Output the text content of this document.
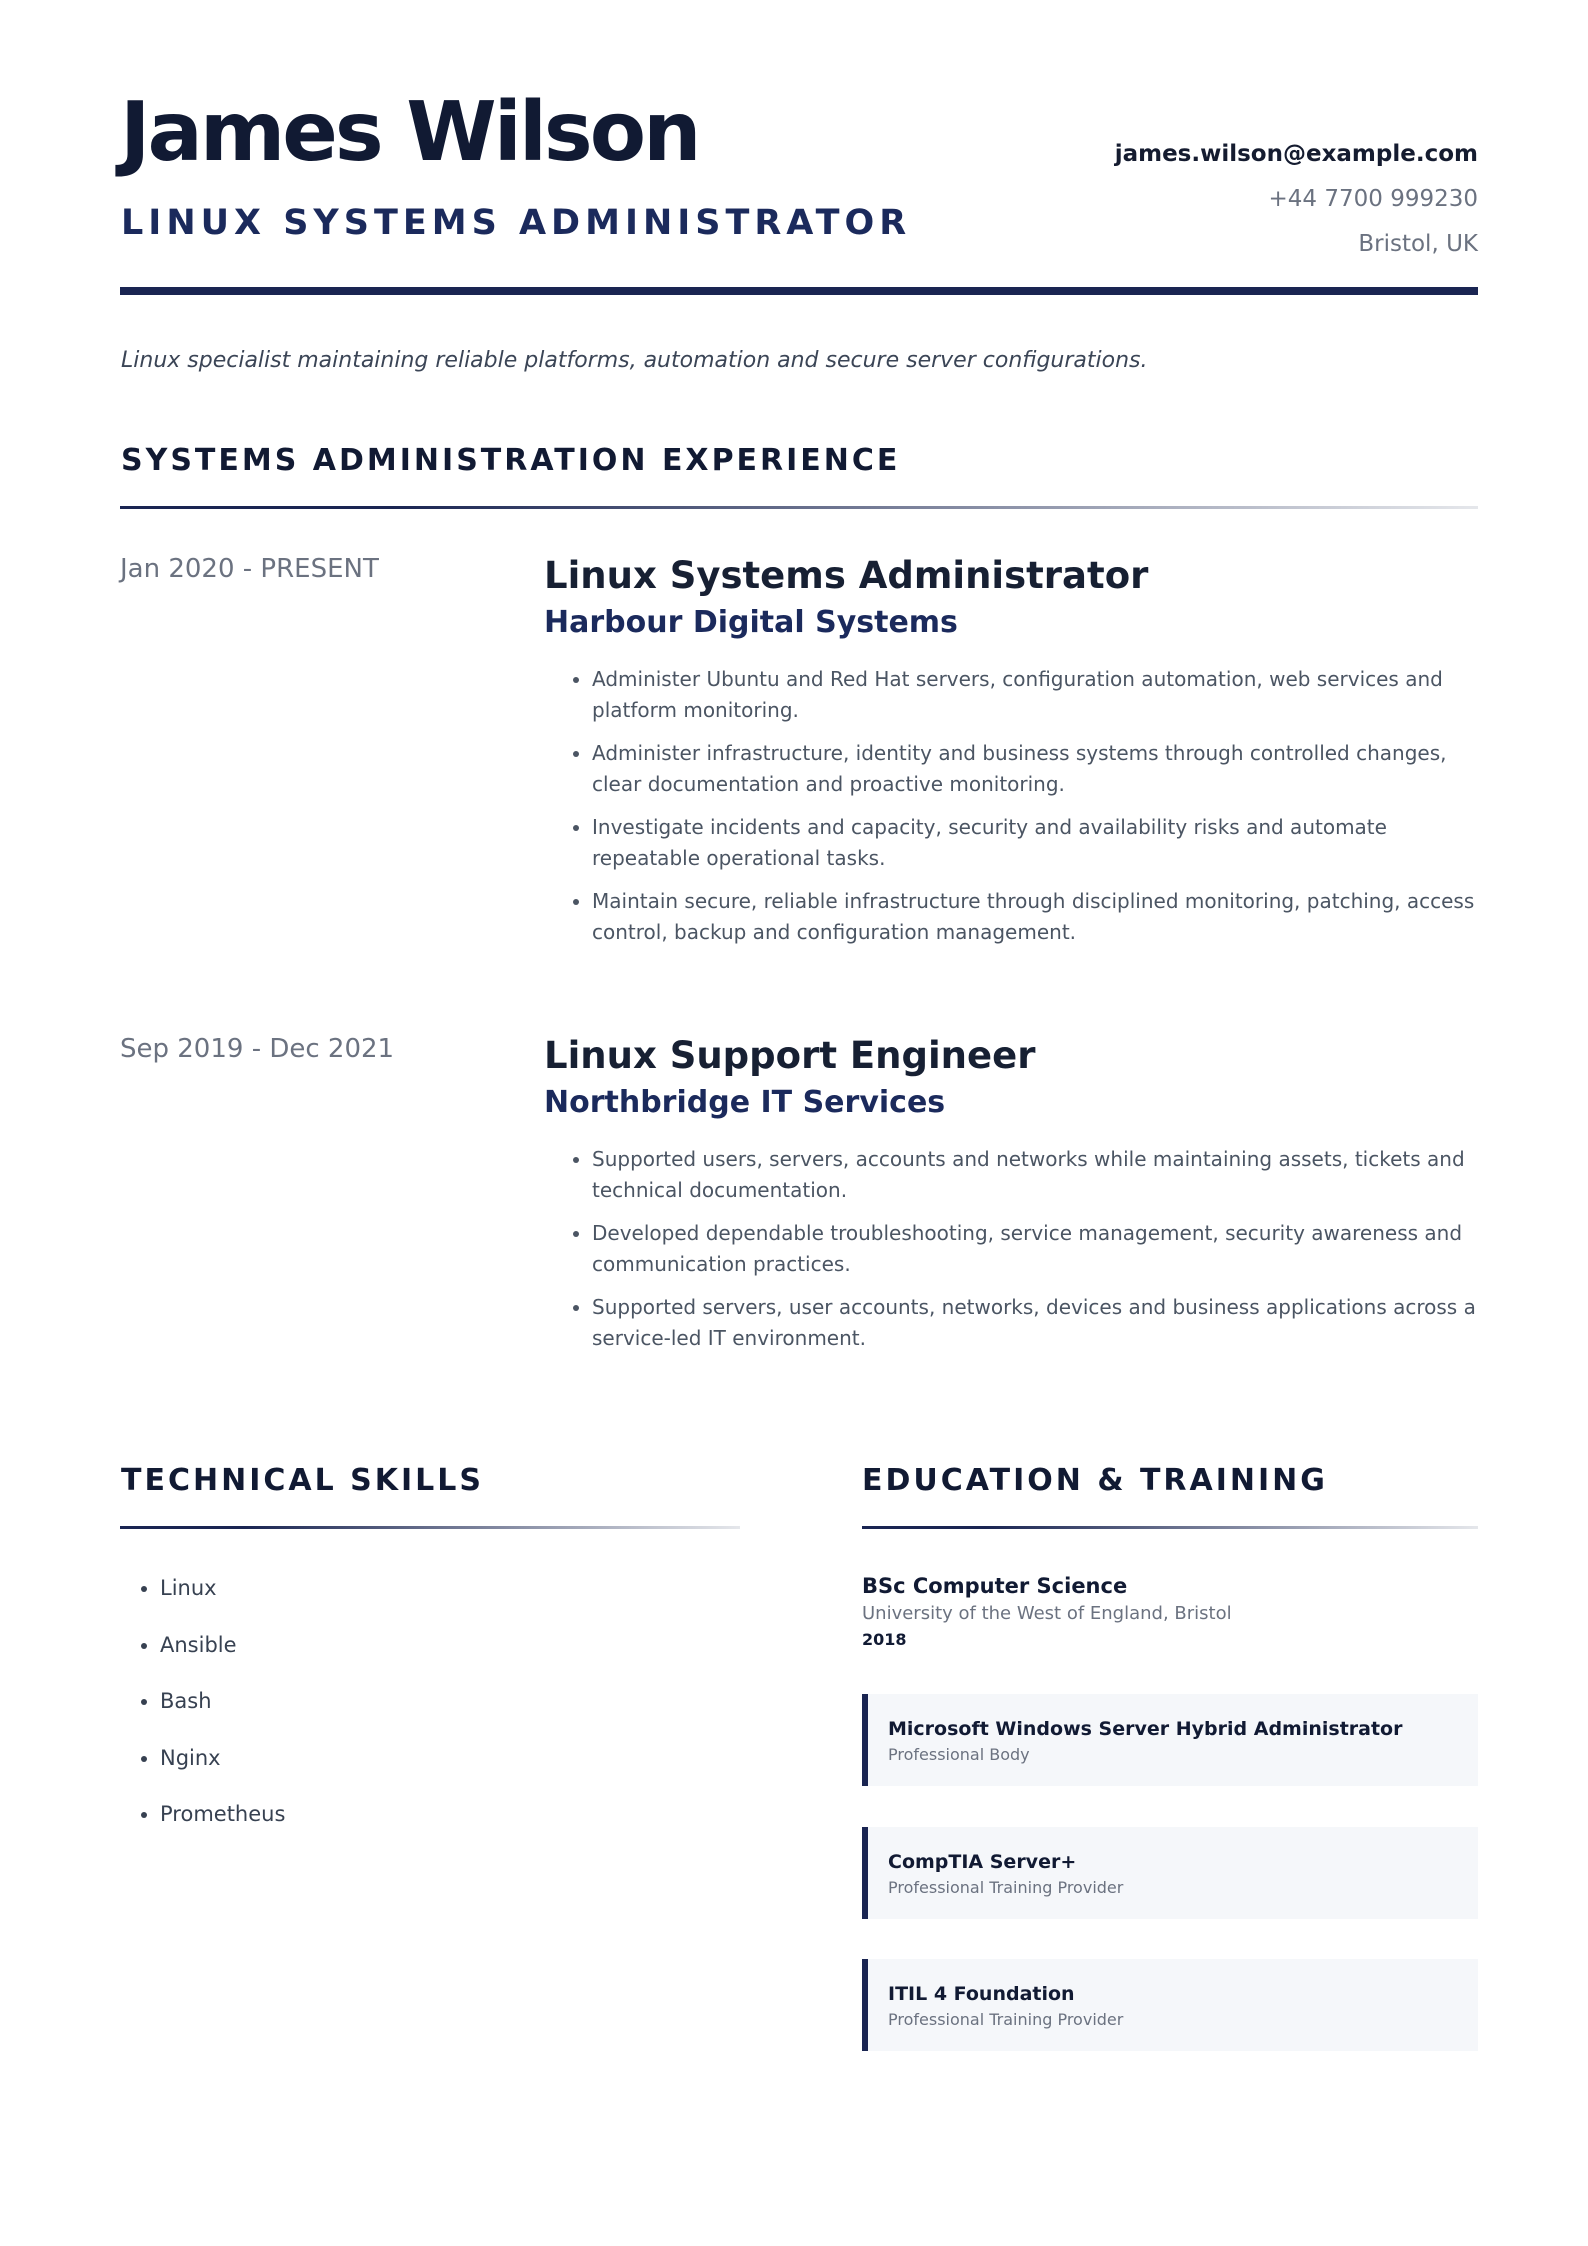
James Wilson
LINUX SYSTEMS ADMINISTRATOR
james.wilson@example.com
+44 7700 999230
Bristol, UK

Linux specialist maintaining reliable platforms, automation and secure server configurations.

SYSTEMS ADMINISTRATION EXPERIENCE
Jan 2020 - PRESENT	Linux Systems Administrator
Harbour Digital Systems
• Administer Ubuntu and Red Hat servers, configuration automation, web services and platform monitoring.
• Administer infrastructure, identity and business systems through controlled changes, clear documentation and proactive monitoring.
• Investigate incidents and capacity, security and availability risks and automate repeatable operational tasks.
• Maintain secure, reliable infrastructure through disciplined monitoring, patching, access control, backup and configuration management.
Sep 2019 - Dec 2021	Linux Support Engineer
Northbridge IT Services
• Supported users, servers, accounts and networks while maintaining assets, tickets and technical documentation.
• Developed dependable troubleshooting, service management, security awareness and communication practices.
• Supported servers, user accounts, networks, devices and business applications across a service-led IT environment.
TECHNICAL SKILLS
• Linux
• Ansible
• Bash
• Nginx
• Prometheus
EDUCATION & TRAINING
BSc Computer Science
University of the West of England, Bristol
2018
Microsoft Windows Server Hybrid Administrator
Professional Body
CompTIA Server+
Professional Training Provider
ITIL 4 Foundation
Professional Training Provider
